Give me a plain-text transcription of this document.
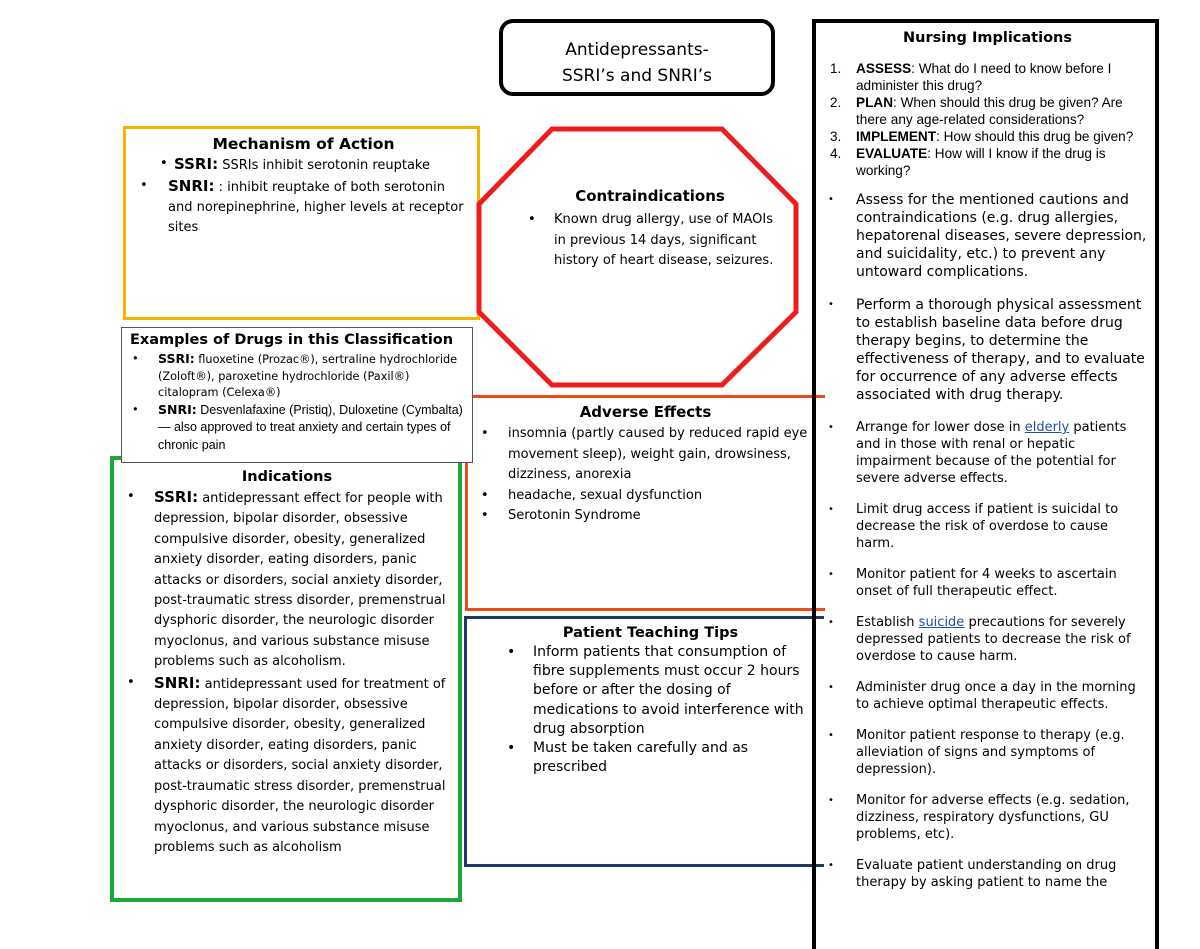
Antidepressants-
SSRI’s and SNRI’s
Mechanism of Action
• SSRI: SSRIs inhibit serotonin reuptake
• SNRI: : inhibit reuptake of both serotonin and norepinephrine, higher levels at receptor sites
Contraindications
• Known drug allergy, use of MAOIs in previous 14 days, significant history of heart disease, seizures.
Examples of Drugs in this Classification
• SSRI: fluoxetine (Prozac®), sertraline hydrochloride (Zoloft®), paroxetine hydrochloride (Paxil®) citalopram (Celexa®)
• SNRI: Desvenlafaxine (Pristiq), Duloxetine (Cymbalta) — also approved to treat anxiety and certain types of chronic pain
Adverse Effects
• insomnia (partly caused by reduced rapid eye movement sleep), weight gain, drowsiness, dizziness, anorexia
• headache, sexual dysfunction
• Serotonin Syndrome
Indications
• SSRI: antidepressant effect for people with depression, bipolar disorder, obsessive compulsive disorder, obesity, generalized anxiety disorder, eating disorders, panic attacks or disorders, social anxiety disorder, post-traumatic stress disorder, premenstrual dysphoric disorder, the neurologic disorder myoclonus, and various substance misuse problems such as alcoholism.
• SNRI: antidepressant used for treatment of depression, bipolar disorder, obsessive compulsive disorder, obesity, generalized anxiety disorder, eating disorders, panic attacks or disorders, social anxiety disorder, post-traumatic stress disorder, premenstrual dysphoric disorder, the neurologic disorder myoclonus, and various substance misuse problems such as alcoholism
Patient Teaching Tips
• Inform patients that consumption of fibre supplements must occur 2 hours before or after the dosing of medications to avoid interference with drug absorption
• Must be taken carefully and as prescribed
Nursing Implications
1. ASSESS: What do I need to know before I administer this drug?
2. PLAN: When should this drug be given? Are there any age-related considerations?
3. IMPLEMENT: How should this drug be given?
4. EVALUATE: How will I know if the drug is working?
• Assess for the mentioned cautions and contraindications (e.g. drug allergies, hepatorenal diseases, severe depression, and suicidality, etc.) to prevent any untoward complications.
• Perform a thorough physical assessment to establish baseline data before drug therapy begins, to determine the effectiveness of therapy, and to evaluate for occurrence of any adverse effects associated with drug therapy.
• Arrange for lower dose in elderly patients and in those with renal or hepatic impairment because of the potential for severe adverse effects.
• Limit drug access if patient is suicidal to decrease the risk of overdose to cause harm.
• Monitor patient for 4 weeks to ascertain onset of full therapeutic effect.
• Establish suicide precautions for severely depressed patients to decrease the risk of overdose to cause harm.
• Administer drug once a day in the morning to achieve optimal therapeutic effects.
• Monitor patient response to therapy (e.g. alleviation of signs and symptoms of depression).
• Monitor for adverse effects (e.g. sedation, dizziness, respiratory dysfunctions, GU problems, etc).
• Evaluate patient understanding on drug therapy by asking patient to name the
